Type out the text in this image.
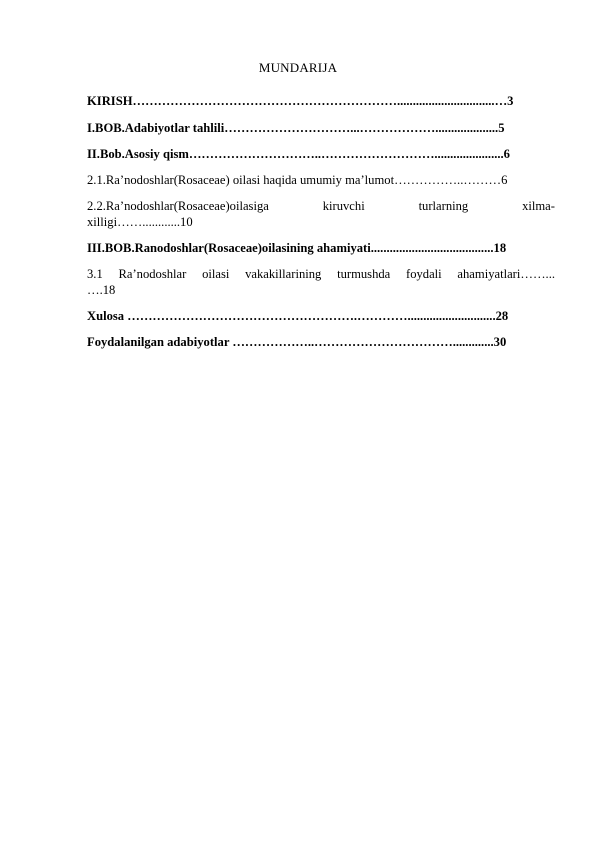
MUNDARIJA
KIRISH………………………………………………………...............................…3
I.BOB.Adabiyotlar tahlili…………………………...………………....................5
II.Bob.Asosiy qism…………………………..………………………......................6
2.1.Ra’nodoshlar(Rosaceae) oilasi haqida umumiy ma’lumot……………..………6
2.2.Ra’nodoshlar(Rosaceae)oilasiga	kiruvchi	turlarning	xilma-
xilligi……............10
III.BOB.Ranodoshlar(Rosaceae)oilasining ahamiyati.......................................18
3.1 Ra’nodoshlar oilasi vakakillarining turmushda foydali ahamiyatlari……...
….18
Xulosa ……………………………………………….…………............................28
Foydalanilgan adabiyotlar ………………..…………………………….............30
